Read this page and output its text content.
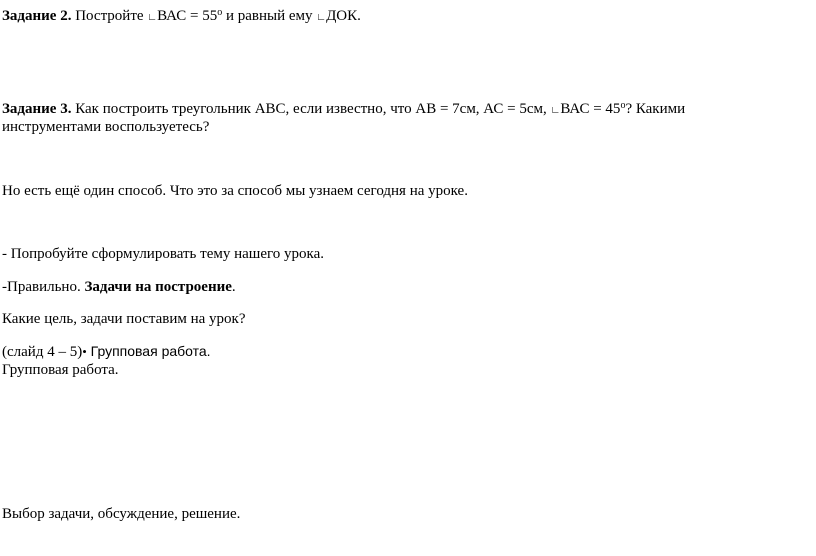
Задание 2. Постройте ∟ВАС = $55^o$ и равный ему ∟ДОК.
Задание 3. Как построить треугольник АВС, если известно, что АВ = 7см, АС = 5см, ∟ВАС = $45^o$? Какими
инструментами воспользуетесь?
Но есть ещё один способ. Что это за способ мы узнаем сегодня на уроке.
- Попробуйте сформулировать тему нашего урока.
-Правильно. Задачи на построение.
Какие цель, задачи поставим на урок?
(слайд 4 – 5)• Групповая работа.
Групповая работа.
Выбор задачи, обсуждение, решение.
